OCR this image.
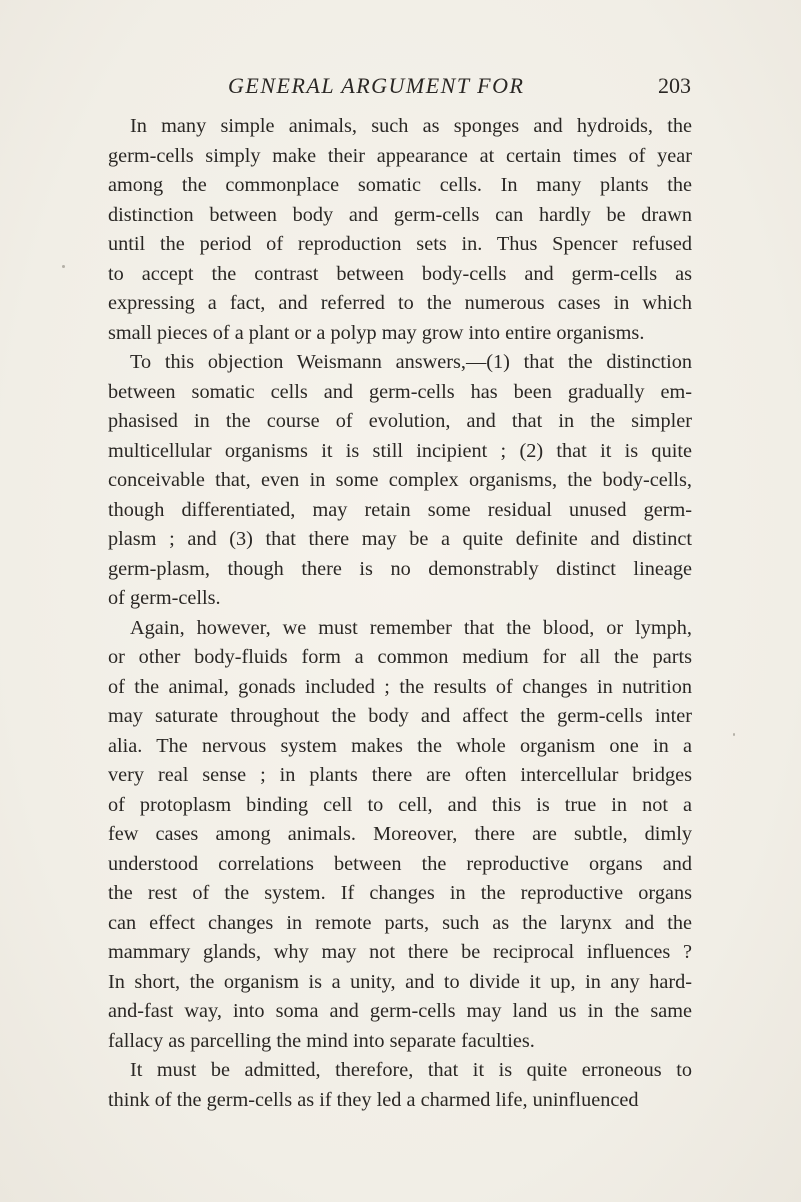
GENERAL ARGUMENT FOR	203
In many simple animals, such as sponges and hydroids, the
germ-cells simply make their appearance at certain times of year
among the commonplace somatic cells. In many plants the
distinction between body and germ-cells can hardly be drawn
until the period of reproduction sets in. Thus Spencer refused
to accept the contrast between body-cells and germ-cells as
expressing a fact, and referred to the numerous cases in which
small pieces of a plant or a polyp may grow into entire organisms.
To this objection Weismann answers,—(1) that the distinction
between somatic cells and germ-cells has been gradually em-
phasised in the course of evolution, and that in the simpler
multicellular organisms it is still incipient ; (2) that it is quite
conceivable that, even in some complex organisms, the body-cells,
though differentiated, may retain some residual unused germ-
plasm ; and (3) that there may be a quite definite and distinct
germ-plasm, though there is no demonstrably distinct lineage
of germ-cells.
Again, however, we must remember that the blood, or lymph,
or other body-fluids form a common medium for all the parts
of the animal, gonads included ; the results of changes in nutrition
may saturate throughout the body and affect the germ-cells inter
alia. The nervous system makes the whole organism one in a
very real sense ; in plants there are often intercellular bridges
of protoplasm binding cell to cell, and this is true in not a
few cases among animals. Moreover, there are subtle, dimly
understood correlations between the reproductive organs and
the rest of the system. If changes in the reproductive organs
can effect changes in remote parts, such as the larynx and the
mammary glands, why may not there be reciprocal influences ?
In short, the organism is a unity, and to divide it up, in any hard-
and-fast way, into soma and germ-cells may land us in the same
fallacy as parcelling the mind into separate faculties.
It must be admitted, therefore, that it is quite erroneous to
think of the germ-cells as if they led a charmed life, uninfluenced
